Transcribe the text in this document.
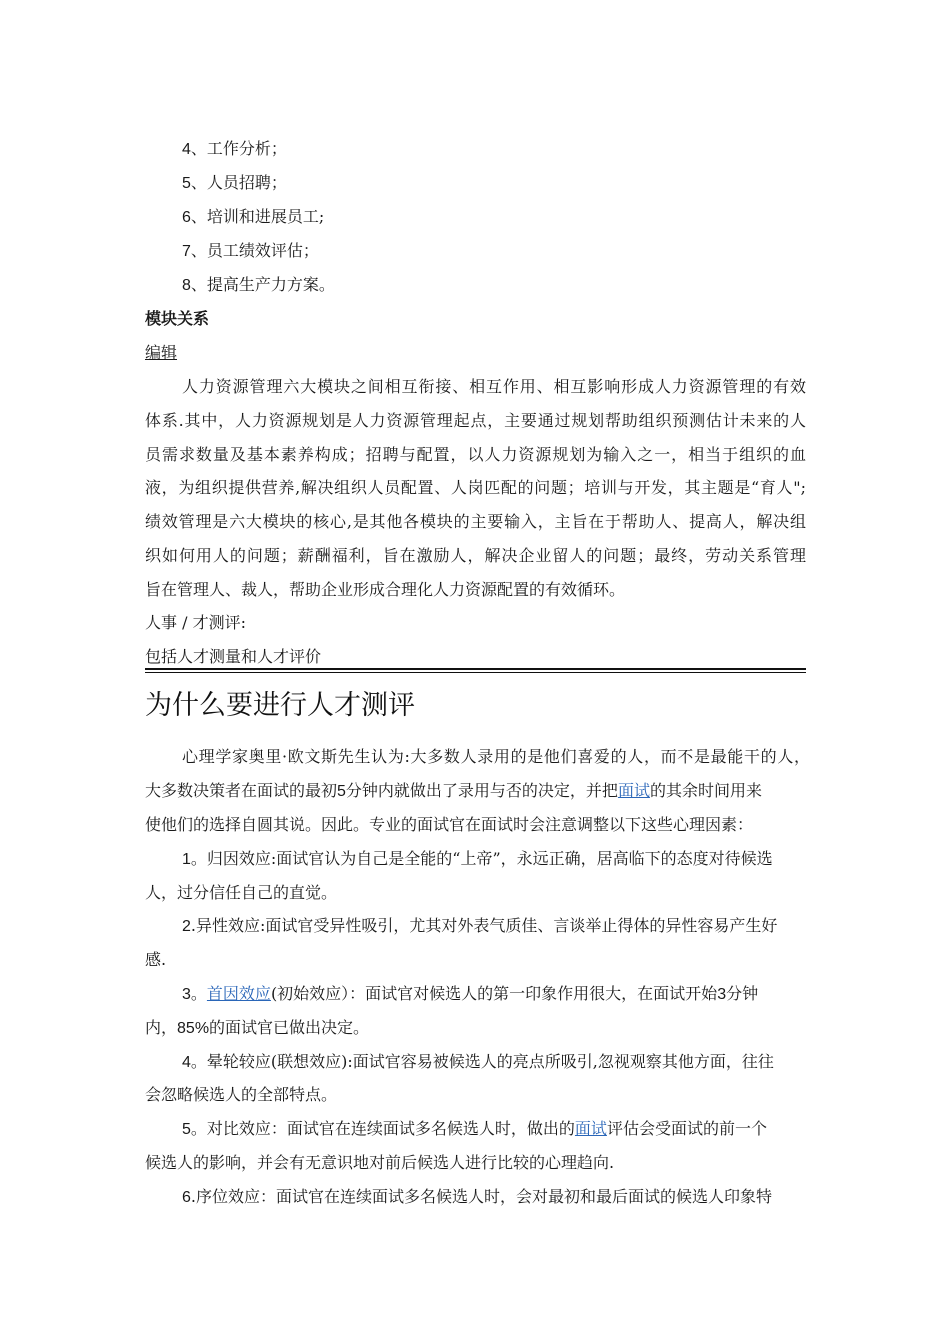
4、工作分析；
5、人员招聘；
6、培训和进展员工;
7、员工绩效评估；
8、提高生产力方案。
模块关系
编辑
人力资源管理六大模块之间相互衔接、相互作用、相互影响形成人力资源管理的有效
体系.其中，人力资源规划是人力资源管理起点，主要通过规划帮助组织预测估计未来的人
员需求数量及基本素养构成；招聘与配置，以人力资源规划为输入之一，相当于组织的血
液，为组织提供营养,解决组织人员配置、人岗匹配的问题；培训与开发，其主题是“育人";
绩效管理是六大模块的核心,是其他各模块的主要输入，主旨在于帮助人、提高人，解决组
织如何用人的问题；薪酬福利，旨在激励人，解决企业留人的问题；最终，劳动关系管理
旨在管理人、裁人，帮助企业形成合理化人力资源配置的有效循环。
人事 / 才测评:
包括人才测量和人才评价
为什么要进行人才测评
心理学家奥里·欧文斯先生认为:大多数人录用的是他们喜爱的人，而不是最能干的人，
大多数决策者在面试的最初5分钟内就做出了录用与否的决定，并把面试的其余时间用来
使他们的选择自圆其说。因此。专业的面试官在面试时会注意调整以下这些心理因素：
1。归因效应:面试官认为自己是全能的“上帝”，永远正确，居高临下的态度对待候选
人，过分信任自己的直觉。
2.异性效应:面试官受异性吸引，尤其对外表气质佳、言谈举止得体的异性容易产生好
感.
3。首因效应(初始效应）：面试官对候选人的第一印象作用很大，在面试开始3分钟
内，85%的面试官已做出决定。
4。晕轮较应(联想效应):面试官容易被候选人的亮点所吸引,忽视观察其他方面，往往
会忽略候选人的全部特点。
5。对比效应：面试官在连续面试多名候选人时，做出的面试评估会受面试的前一个
候选人的影响，并会有无意识地对前后候选人进行比较的心理趋向.
6.序位效应：面试官在连续面试多名候选人时，会对最初和最后面试的候选人印象特
